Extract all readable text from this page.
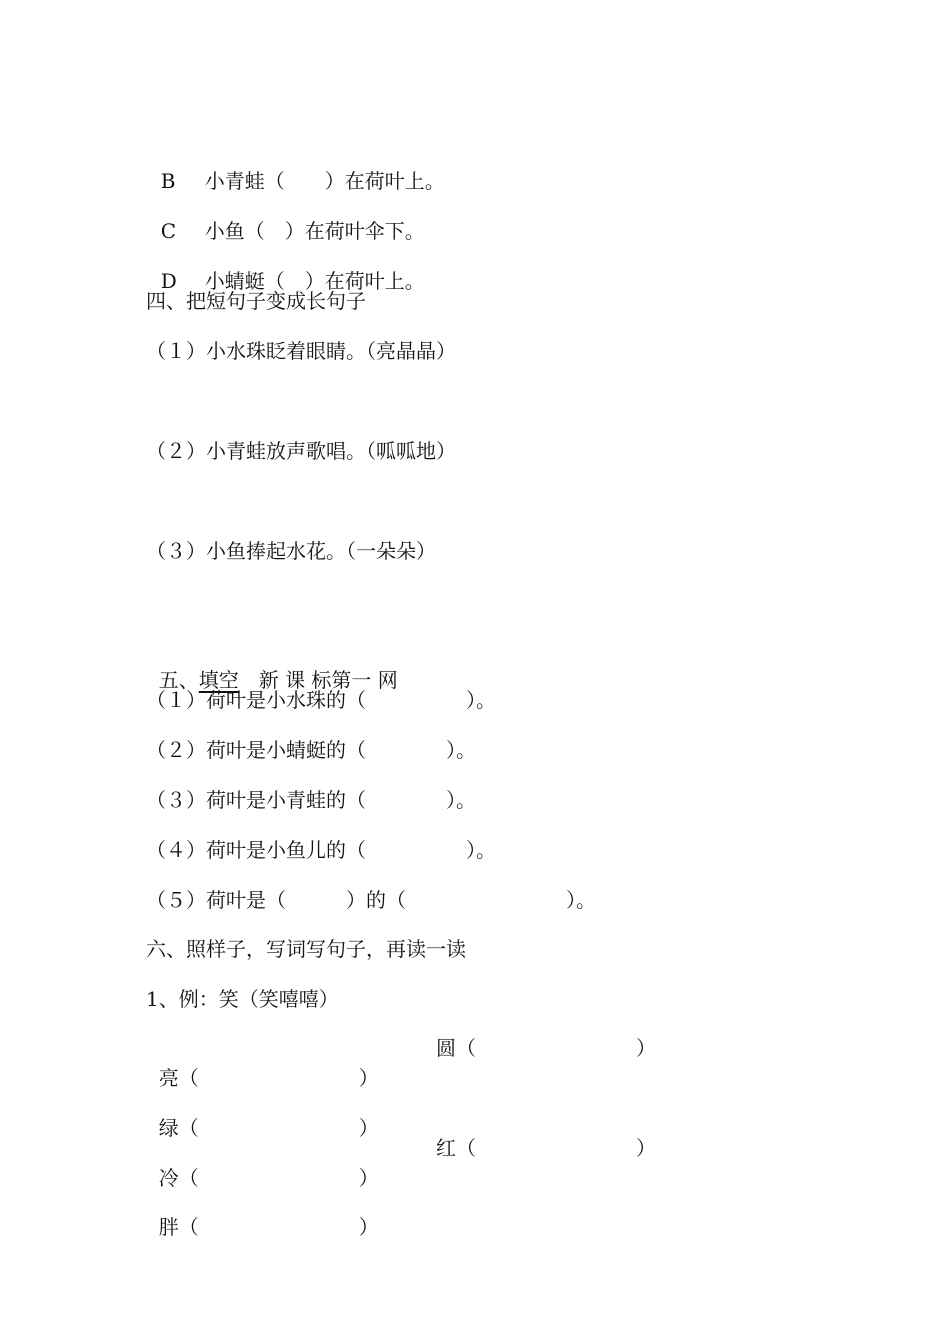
B 小青蛙（　　）在荷叶上。

C 小鱼（　）在荷叶伞下。

D 小蜻蜓（　）在荷叶上。

四、把短句子变成长句子
（１）小水珠眨着眼睛。（亮晶晶）
（２）小青蛙放声歌唱。（呱呱地）
（３）小鱼捧起水花。（一朵朵）

五、填空　新 课 标第一 网

（１）荷叶是小水珠的（　　　　　）。
（２）荷叶是小蜻蜓的（　　　　）。
（３）荷叶是小青蛙的（　　　　）。
（４）荷叶是小鱼儿的（　　　　　）。
（５）荷叶是（　　　）的（　　　　　　　　）。
六、照样子，写词写句子，再读一读
1、例：笑（笑嘻嘻）

亮（　　　　　　　　）
圆（　　　　　　　　）

绿（　　　　　　　　）

冷（　　　　　　　　）
红（　　　　　　　　）

胖（　　　　　　　　）
